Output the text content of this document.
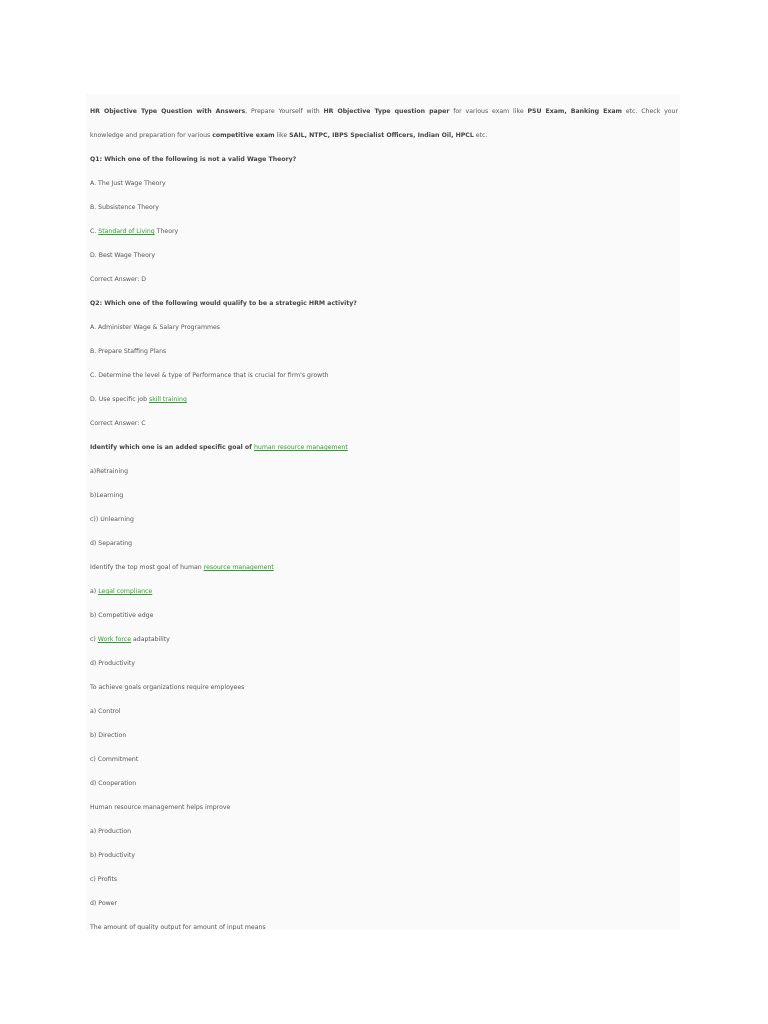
HR Objective Type Question with Answers, Prepare Yourself with HR Objective Type question paper for various exam like PSU Exam, Banking Exam etc. Check your
knowledge and preparation for various competitive exam like SAIL, NTPC, IBPS Specialist Officers, Indian Oil, HPCL etc.
Q1: Which one of the following is not a valid Wage Theory?
A. The Just Wage Theory
B. Subsistence Theory
C. Standard of Living Theory
D. Best Wage Theory
Correct Answer: D
Q2: Which one of the following would qualify to be a strategic HRM activity?
A. Administer Wage & Salary Programmes
B. Prepare Staffing Plans
C. Determine the level & type of Performance that is crucial for firm's growth
D. Use specific job skill training
Correct Answer: C
Identify which one is an added specific goal of human resource management
a)Retraining
b)Learning
c)) Unlearning
d) Separating
Identify the top most goal of human resource management
a) Legal compliance
b) Competitive edge
c) Work force adaptability
d) Productivity
To achieve goals organizations require employees
a) Control
b) Direction
c) Commitment
d) Cooperation
Human resource management helps improve
a) Production
b) Productivity
c) Profits
d) Power
The amount of quality output for amount of input means
